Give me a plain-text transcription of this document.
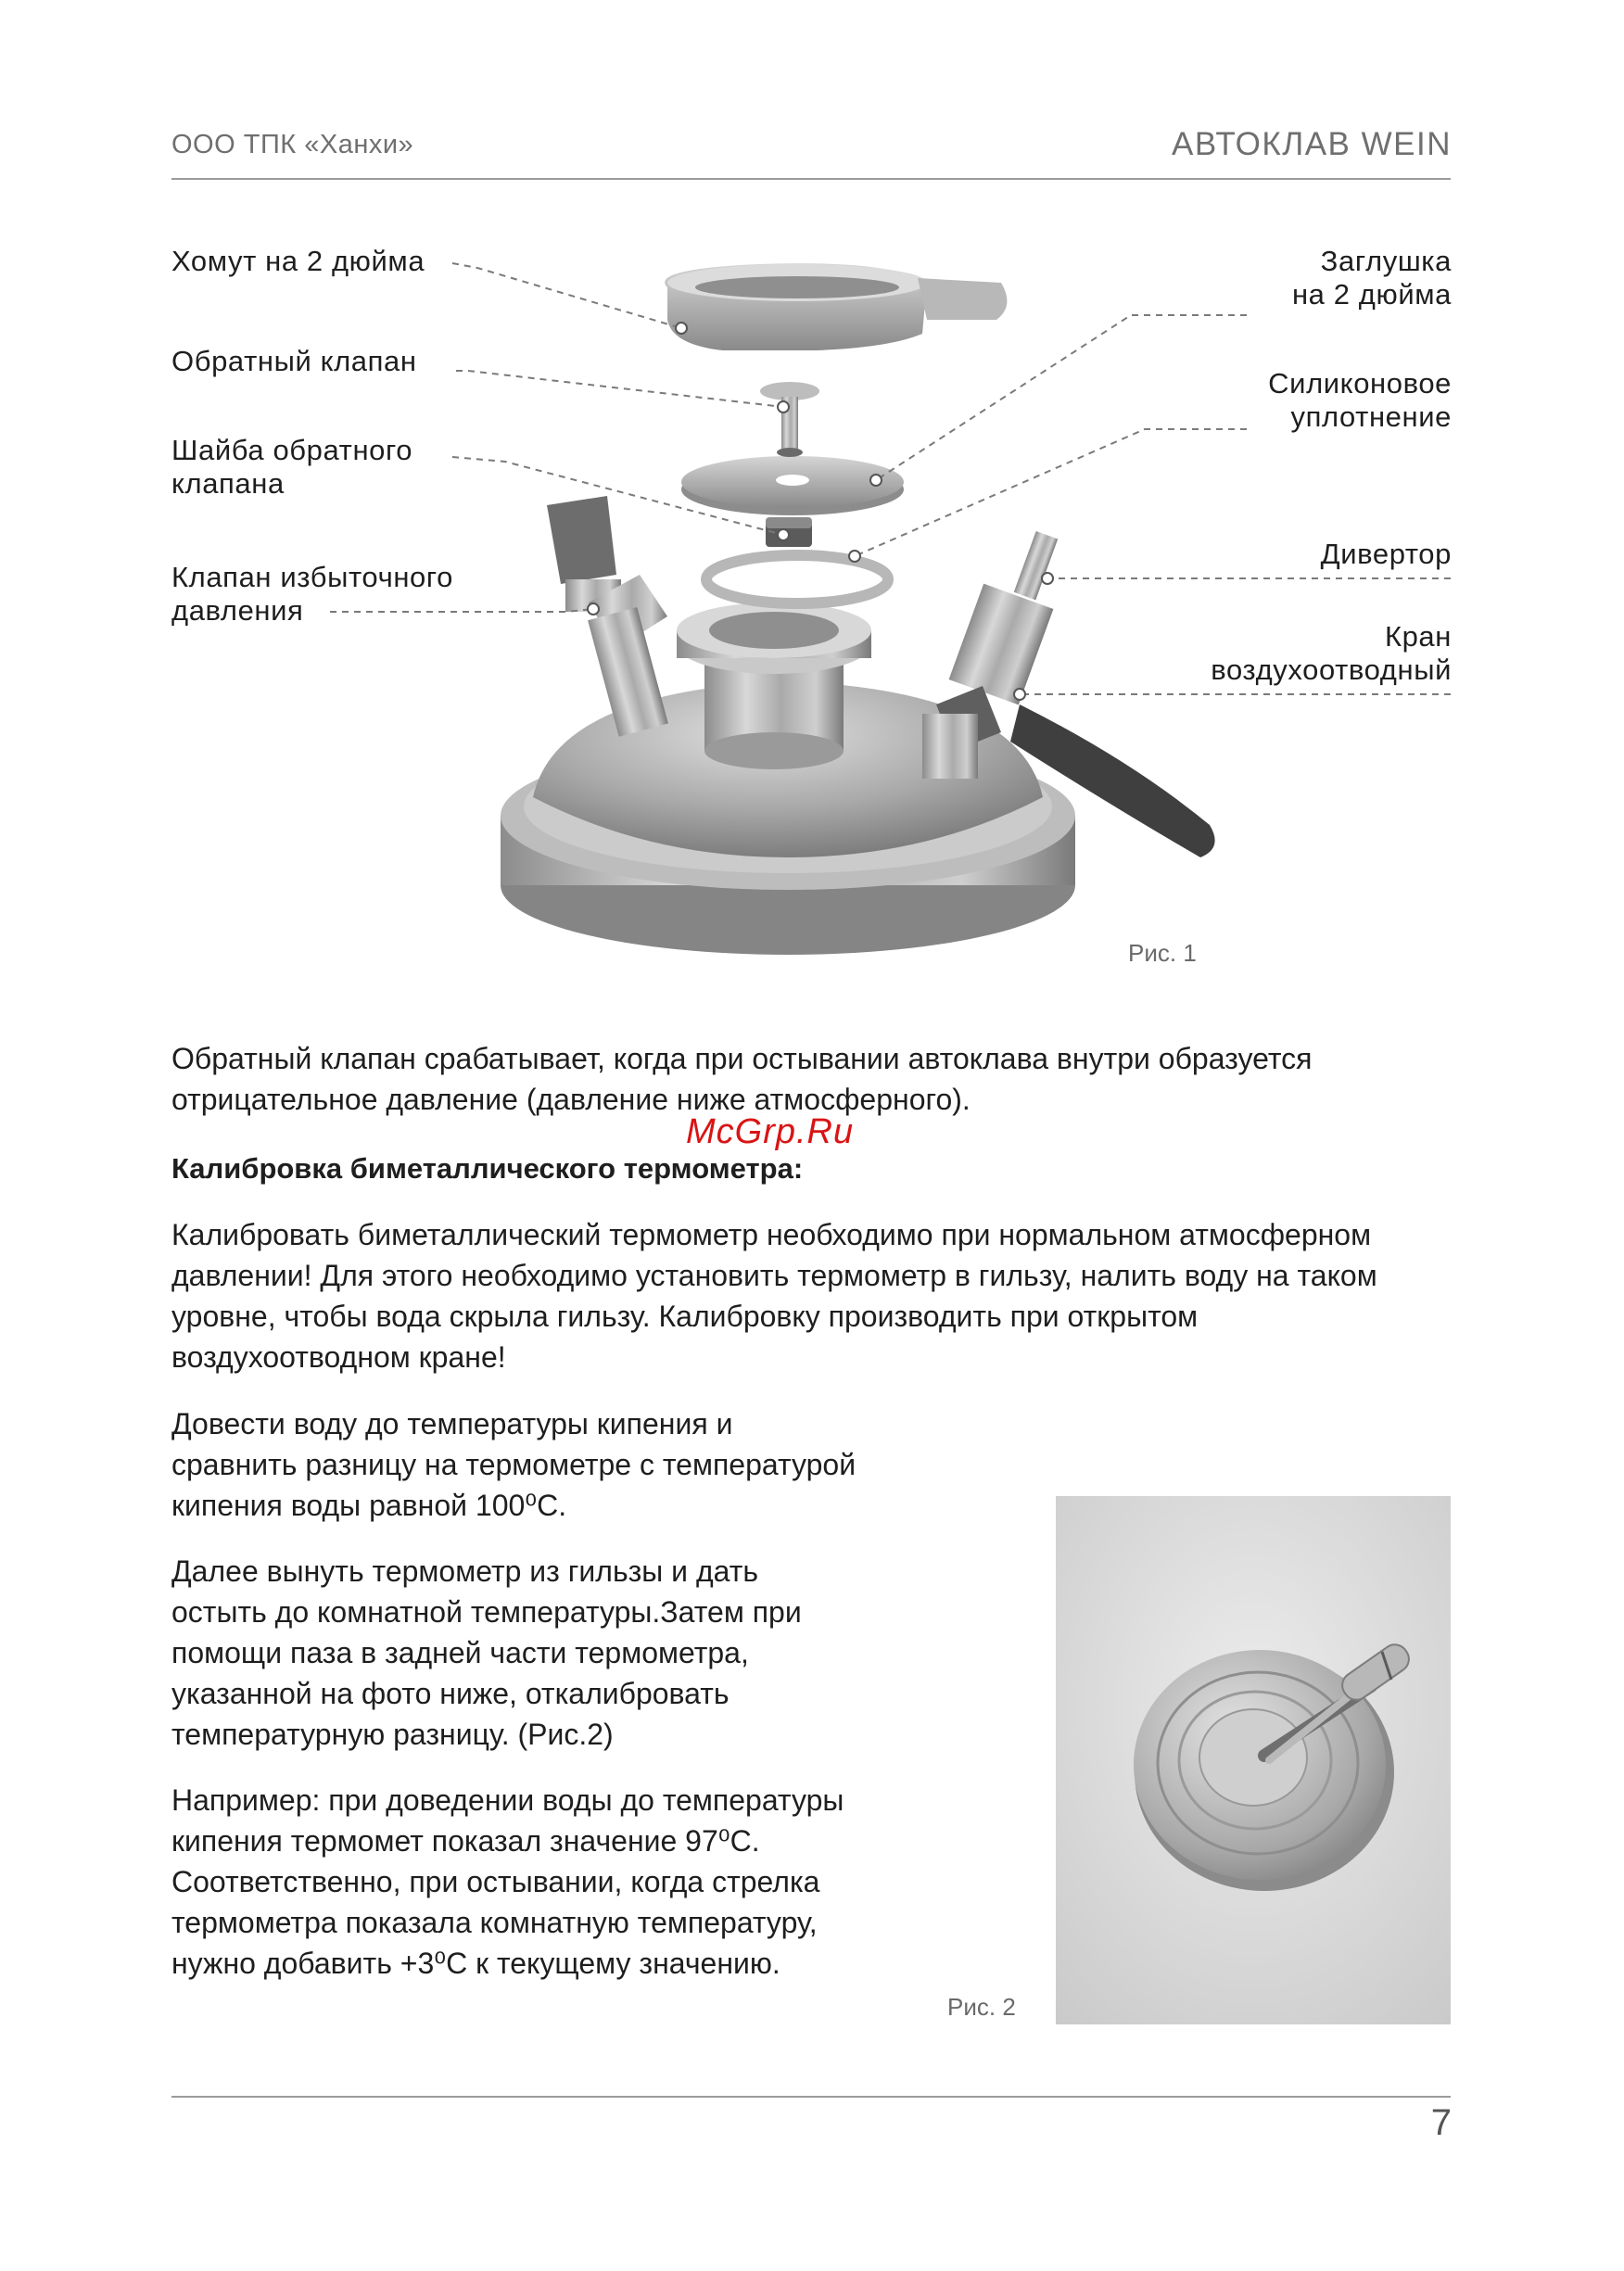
ООО ТПК «Ханхи»	АВТОКЛАВ WEIN
Хомут на 2 дюйма
Обратный клапан
Шайба обратного
клапана
Клапан избыточного
давления
Заглушка
на 2 дюйма
Силиконовое
уплотнение
Дивертор
Кран
воздухоотводный
Рис. 1
Обратный клапан срабатывает, когда при остывании автоклава внутри образуется
отрицательное давление (давление ниже атмосферного).
McGrp.Ru
Калибровка биметаллического термометра:
Калибровать биметаллический термометр необходимо при нормальном атмосферном
давлении! Для этого необходимо установить термометр в гильзу, налить воду на таком
уровне, чтобы вода скрыла гильзу. Калибровку производить при открытом
воздухоотводном кране!
Довести воду до температуры кипения и
сравнить разницу на термометре с температурой
кипения воды равной 100⁰С.
Далее вынуть термометр из гильзы и дать
остыть до комнатной температуры.Затем при
помощи паза в задней части термометра,
указанной на фото ниже, откалибровать
температурную разницу. (Рис.2)
Например: при доведении воды до температуры
кипения термомет показал значение 97⁰С.
Соответственно, при остывании, когда стрелка
термометра показала комнатную температуру,
нужно добавить +3⁰С к текущему значению.
Рис. 2
7
